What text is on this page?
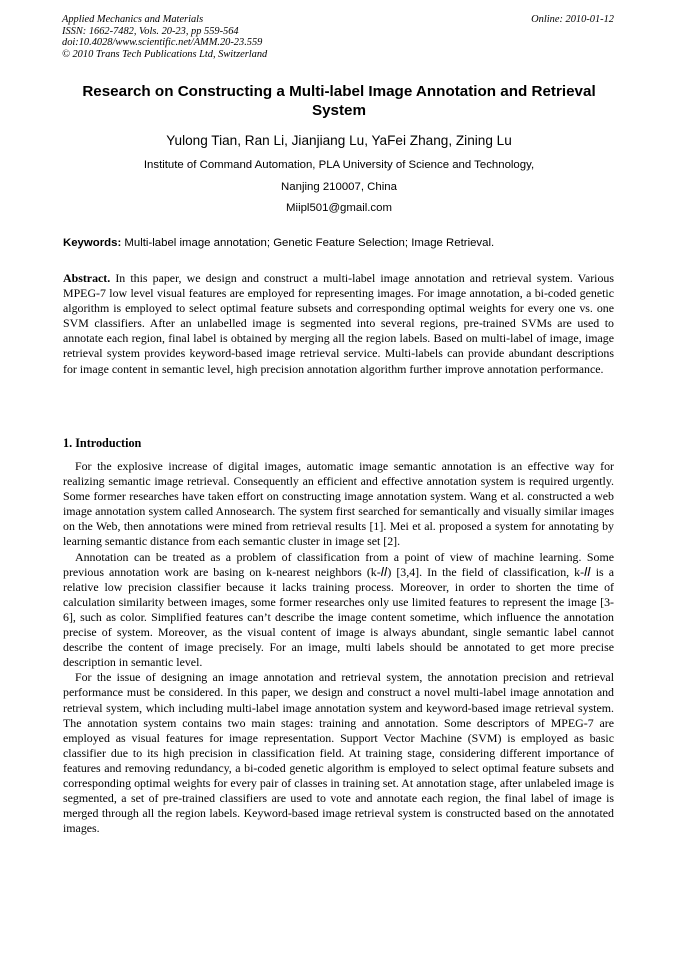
Applied Mechanics and Materials
ISSN: 1662-7482, Vols. 20-23, pp 559-564
doi:10.4028/www.scientific.net/AMM.20-23.559
© 2010 Trans Tech Publications Ltd, Switzerland
Online: 2010-01-12
Research on Constructing a Multi-label Image Annotation and Retrieval System
Yulong Tian, Ran Li, Jianjiang Lu, YaFei Zhang, Zining Lu
Institute of Command Automation, PLA University of Science and Technology,
Nanjing 210007, China
Miipl501@gmail.com
Keywords: Multi-label image annotation; Genetic Feature Selection; Image Retrieval.

Abstract. In this paper, we design and construct a multi-label image annotation and retrieval system. Various MPEG-7 low level visual features are employed for representing images. For image annotation, a bi-coded genetic algorithm is employed to select optimal feature subsets and corresponding optimal weights for every one vs. one SVM classifiers. After an unlabelled image is segmented into several regions, pre-trained SVMs are used to annotate each region, final label is obtained by merging all the region labels. Based on multi-label of image, image retrieval system provides keyword-based image retrieval service. Multi-labels can provide abundant descriptions for image content in semantic level, high precision annotation algorithm further improve annotation performance.

1. Introduction

For the explosive increase of digital images, automatic image semantic annotation is an effective way for realizing semantic image retrieval. Consequently an efficient and effective annotation system is required urgently. Some former researches have taken effort on constructing image annotation system. Wang et al. constructed a web image annotation system called Annosearch. The system first searched for semantically and visually similar images on the Web, then annotations were mined from retrieval results [1]. Mei et al. proposed a system for annotating by learning semantic distance from each semantic cluster in image set [2].

Annotation can be treated as a problem of classification from a point of view of machine learning. Some previous annotation work are basing on k-nearest neighbors (k-𝐼𝐼) [3,4]. In the field of classification, k-𝐼𝐼 is a relative low precision classifier because it lacks training process. Moreover, in order to shorten the time of calculation similarity between images, some former researches only use limited features to represent the image [3-6], such as color. Simplified features can’t describe the image content sometime, which influence the annotation precise of system. Moreover, as the visual content of image is always abundant, single semantic label cannot describe the content of image precisely. For an image, multi labels should be annotated to get more precise description in semantic level.

For the issue of designing an image annotation and retrieval system, the annotation precision and retrieval performance must be considered. In this paper, we design and construct a novel multi-label image annotation and retrieval system, which including multi-label image annotation system and keyword-based image retrieval system. The annotation system contains two main stages: training and annotation. Some descriptors of MPEG-7 are employed as visual features for image representation. Support Vector Machine (SVM) is employed as basic classifier due to its high precision in classification field. At training stage, considering different importance of features and removing redundancy, a bi-coded genetic algorithm is employed to select optimal feature subsets and corresponding optimal weights for every pair of classes in training set. At annotation stage, after unlabeled image is segmented, a set of pre-trained classifiers are used to vote and annotate each region, the final label of image is merged through all the region labels. Keyword-based image retrieval system is constructed based on the annotated images.
